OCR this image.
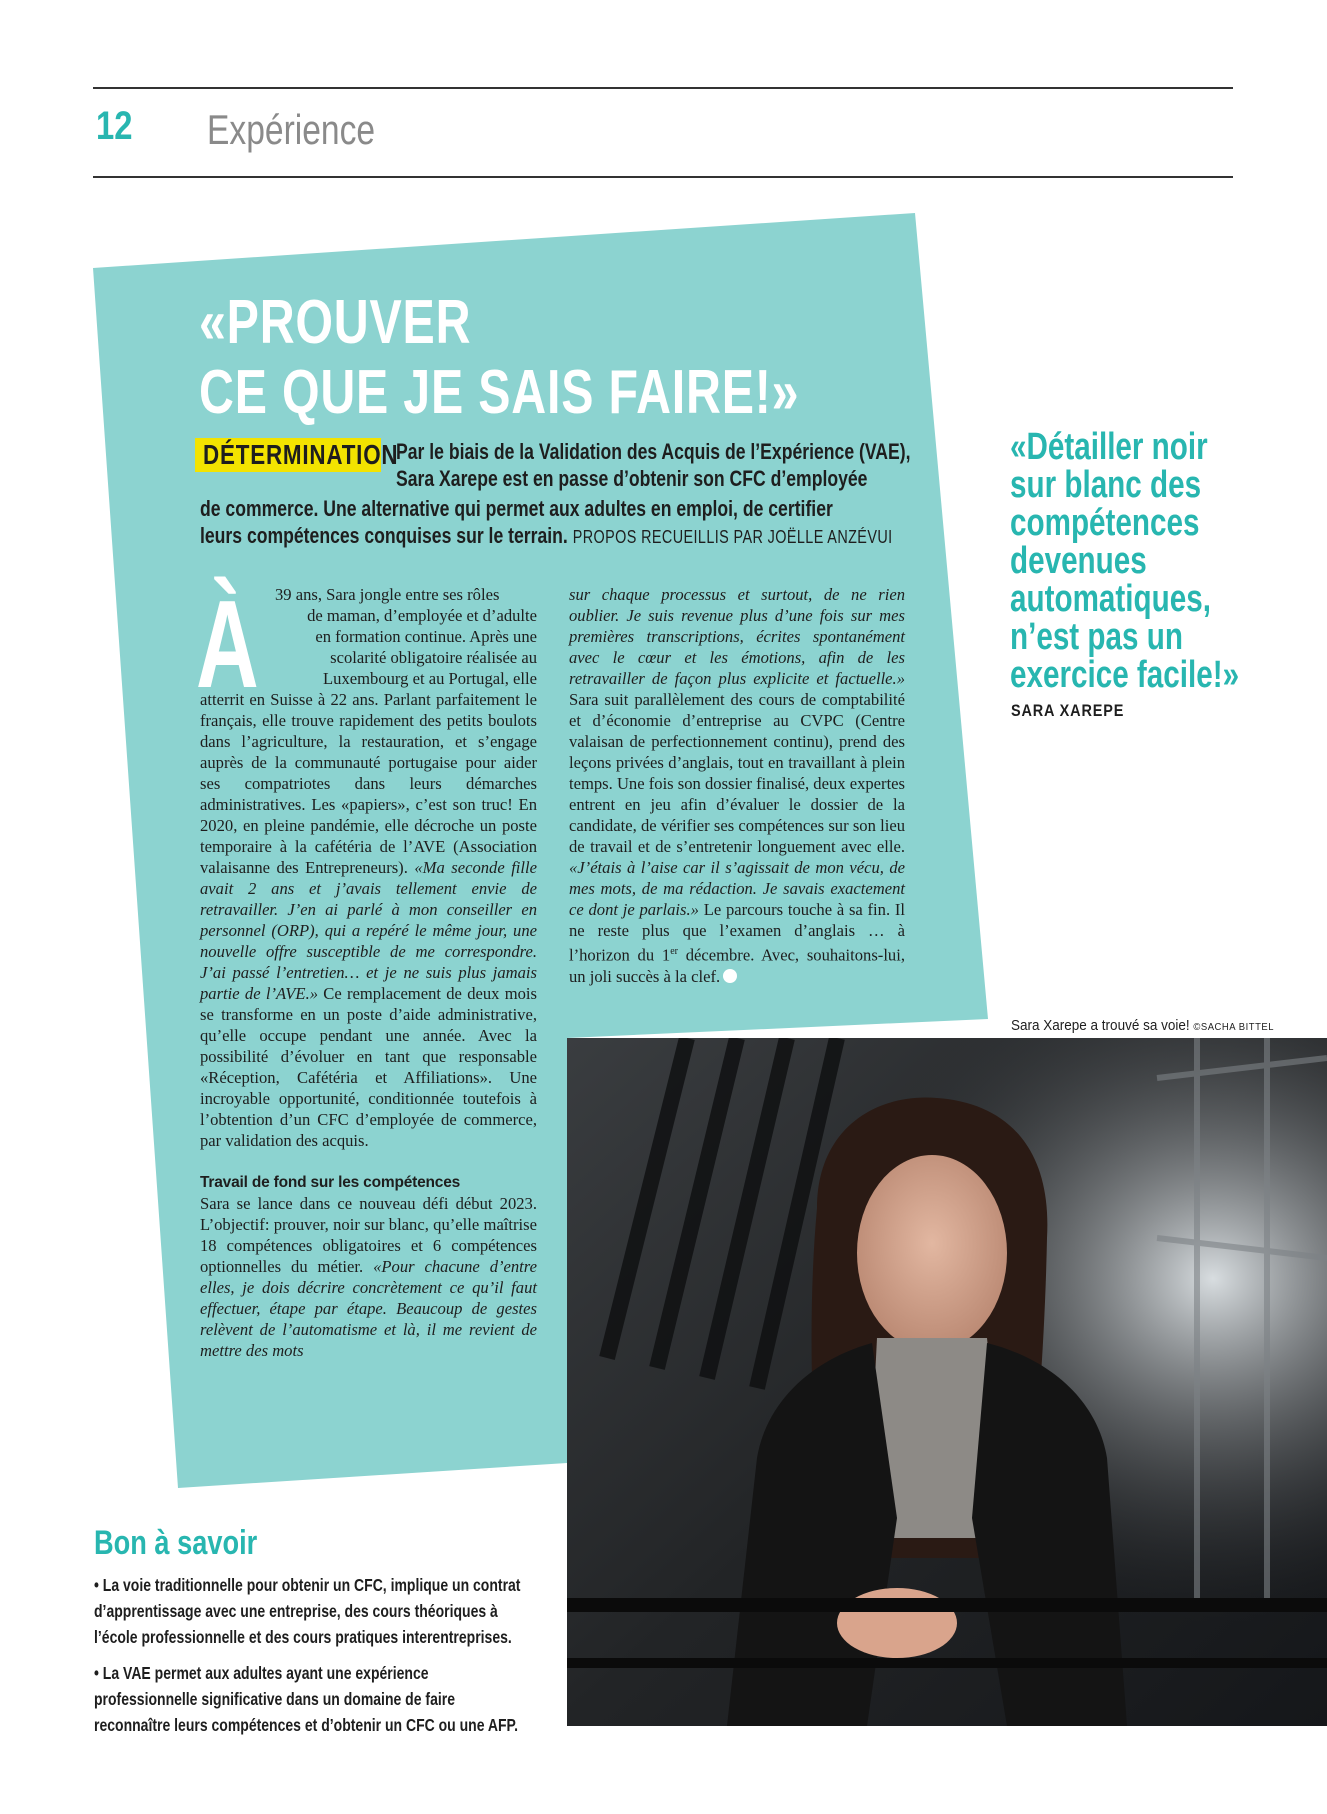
12 Expérience
«PROUVER
CE QUE JE SAIS FAIRE!»
DÉTERMINATION
Par le biais de la Validation des Acquis de l’Expérience (VAE),
Sara Xarepe est en passe d’obtenir son CFC d’employée
de commerce. Une alternative qui permet aux adultes en emploi, de certifier
leurs compétences conquises sur le terrain. PROPOS RECUEILLIS PAR JOËLLE ANZÉVUI
À 39 ans, Sara jongle entre ses rôles

de maman, d’employée et d’adulte

en formation continue. Après une

scolarité obligatoire réalisée au

Luxembourg et au Portugal, elle

atterrit en Suisse à 22 ans. Parlant parfaitement le français, elle trouve rapidement des petits boulots dans l’agriculture, la restauration, et s’engage auprès de la communauté portugaise pour aider ses compatriotes dans leurs démarches administratives. Les «papiers», c’est son truc! En 2020, en pleine pandémie, elle décroche un poste temporaire à la cafétéria de l’AVE (Association valaisanne des Entrepreneurs). «Ma seconde fille avait 2 ans et j’avais tellement envie de retravailler. J’en ai parlé à mon conseiller en personnel (ORP), qui a repéré le même jour, une nouvelle offre susceptible de me correspondre. J’ai passé l’entretien… et je ne suis plus jamais partie de l’AVE.» Ce remplacement de deux mois se transforme en un poste d’aide administrative, qu’elle occupe pendant une année. Avec la possibilité d’évoluer en tant que responsable «Réception, Cafétéria et Affiliations». Une incroyable opportunité, conditionnée toutefois à l’obtention d’un CFC d’employée de commerce, par validation des acquis.

Travail de fond sur les compétences

Sara se lance dans ce nouveau défi début 2023. L’objectif: prouver, noir sur blanc, qu’elle maîtrise 18 compétences obligatoires et 6 compétences optionnelles du métier. «Pour chacune d’entre elles, je dois décrire concrètement ce qu’il faut effectuer, étape par étape. Beaucoup de gestes relèvent de l’automatisme et là, il me revient de mettre des mots

sur chaque processus et surtout, de ne rien oublier. Je suis revenue plus d’une fois sur mes premières transcriptions, écrites spontanément avec le cœur et les émotions, afin de les retravailler de façon plus explicite et factuelle.» Sara suit parallèlement des cours de comptabilité et d’économie d’entreprise au CVPC (Centre valaisan de perfectionnement continu), prend des leçons privées d’anglais, tout en travaillant à plein temps. Une fois son dossier finalisé, deux expertes entrent en jeu afin d’évaluer le dossier de la candidate, de vérifier ses compétences sur son lieu de travail et de s’entretenir longuement avec elle. «J’étais à l’aise car il s’agissait de mon vécu, de mes mots, de ma rédaction. Je savais exactement ce dont je parlais.» Le parcours touche à sa fin. Il ne reste plus que l’examen d’anglais … à l’horizon du 1er décembre. Avec, souhaitons-lui, un joli succès à la clef.

«Détailler noir
sur blanc des
compétences
devenues
automatiques,
n’est pas un
exercice facile!»
SARA XAREPE
Sara Xarepe a trouvé sa voie! ©SACHA BITTEL
Bon à savoir

• La voie traditionnelle pour obtenir un CFC, implique un contrat

d’apprentissage avec une entreprise, des cours théoriques à

l’école professionnelle et des cours pratiques interentreprises.

• La VAE permet aux adultes ayant une expérience

professionnelle significative dans un domaine de faire

reconnaître leurs compétences et d’obtenir un CFC ou une AFP.
